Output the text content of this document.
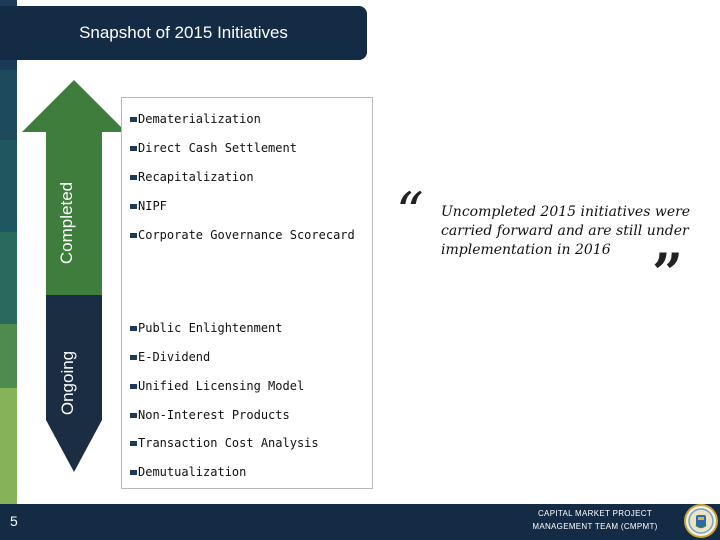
Snapshot of 2015 Initiatives
Completed
Ongoing
Dematerialization
Direct Cash Settlement
Recapitalization
NIPF
Corporate Governance Scorecard
Public Enlightenment
E-Dividend
Unified Licensing Model
Non-Interest Products
Transaction Cost Analysis
Demutualization
“ Uncompleted 2015 initiatives were carried forward and are still under implementation in 2016 ”
5	CAPITAL MARKET PROJECT
MANAGEMENT TEAM (CMPMT)
